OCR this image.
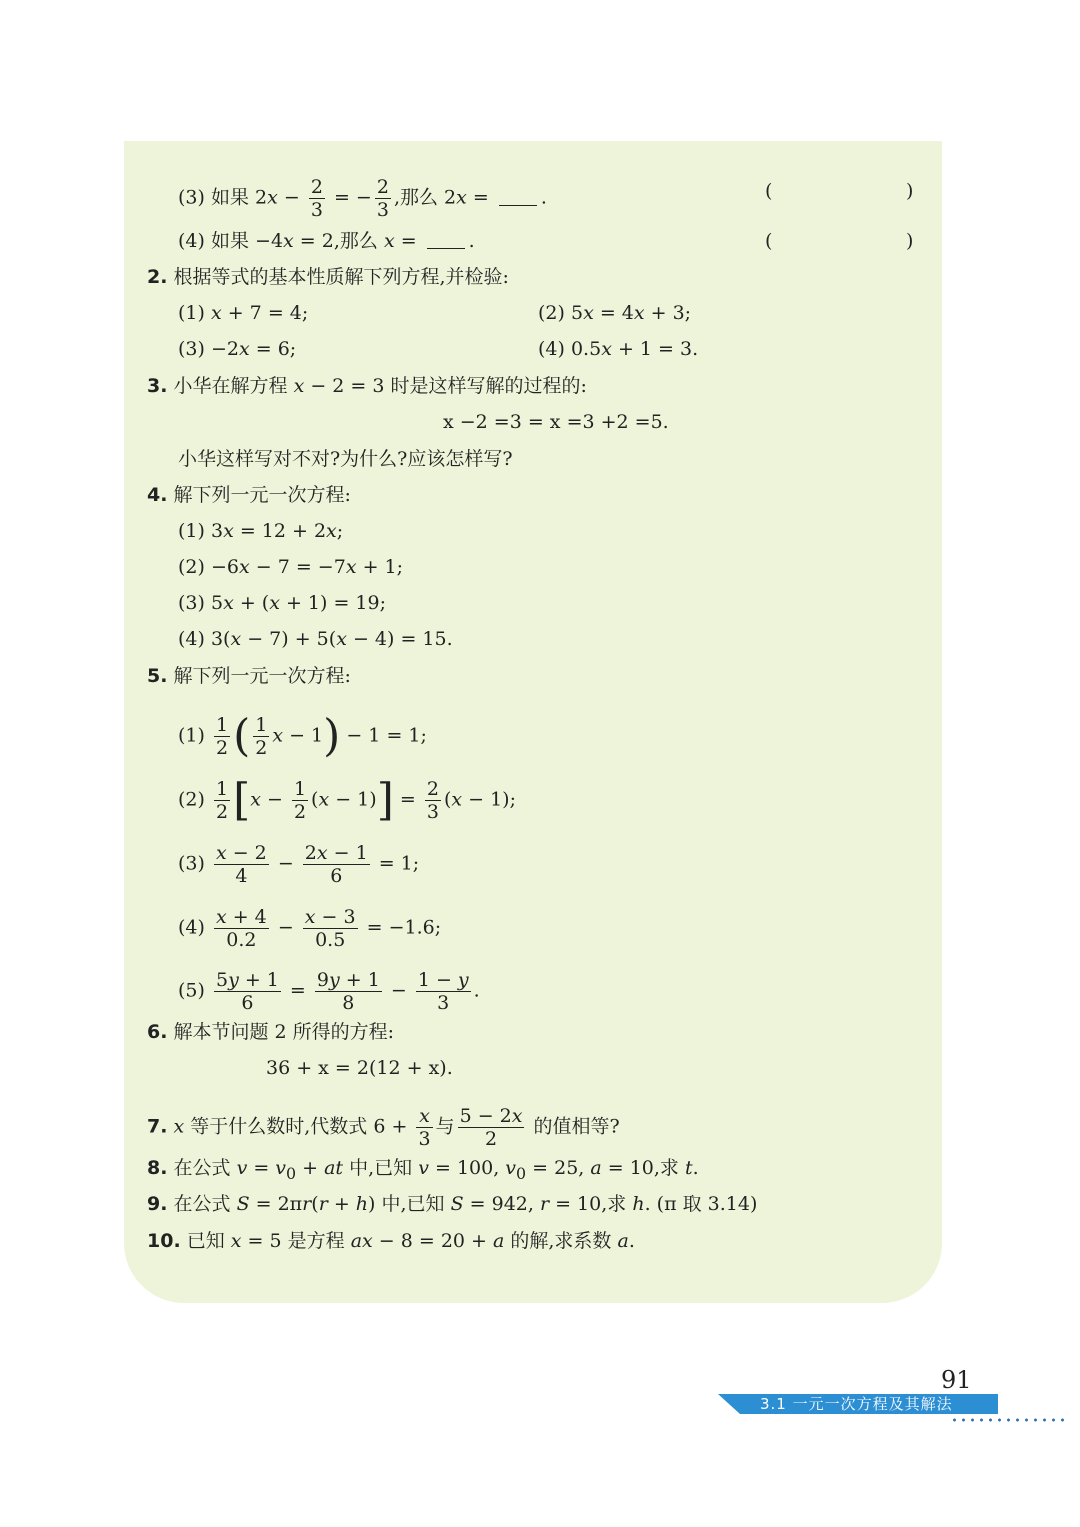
(3) 如果 $2x - \frac{2}{3}$ = − $\frac{2}{3}$ ,那么 2x = .	(	)
(4) 如果 −4x = 2,那么 x = .	(	)
2. 根据等式的基本性质解下列方程,并检验:
(1) x + 7 = 4;	(2) 5x = 4x + 3;
(3) −2x = 6;	(4) 0.5x + 1 = 3.
3. 小华在解方程 x − 2 = 3 时是这样写解的过程的:
x −2 =3 = x =3 +2 =5.
小华这样写对不对?为什么?应该怎样写?
4. 解下列一元一次方程:
(1) 3x = 12 + 2x;
(2) −6x − 7 = −7x + 1;
(3) 5x + (x + 1) = 19;
(4) 3(x − 7) + 5(x − 4) = 15.
5. 解下列一元一次方程:
$(1) \frac{1}{2}$ ( $\frac{1}{2}$ x − 1) − 1 = 1;
$(2) \frac{1}{2} [x - \frac{1}{2} (x - 1)] = \frac{2}{3} (x - 1)$;
$(3) \frac{x - 2}{4} - \frac{2x - 1}{6} = 1$;
$(4) \frac{x + 4}{0.2} - \frac{x - 3}{0.5} = -1.6$;
$(5) \frac{5y + 1}{6} = \frac{9y + 1}{8} - \frac{1 - y}{3}$ .
6. 解本节问题 2 所得的方程:
36 + x = 2(12 + x).
7. x 等于什么数时,代数式 $6 + \frac{x}{3}$ 与 $\frac{5 - 2x}{2}$ 的值相等?
8. 在公式 $v = v_0$ + at 中,已知 v = 100, $v_0 = 25$, a = 10,求 t.
9. 在公式 S = 2πr(r + h) 中,已知 S = 942, r = 10,求 h. (π 取 3.14)
10. 已知 x = 5 是方程 ax − 8 = 20 + a 的解,求系数 a.
91
3.1 一元一次方程及其解法
